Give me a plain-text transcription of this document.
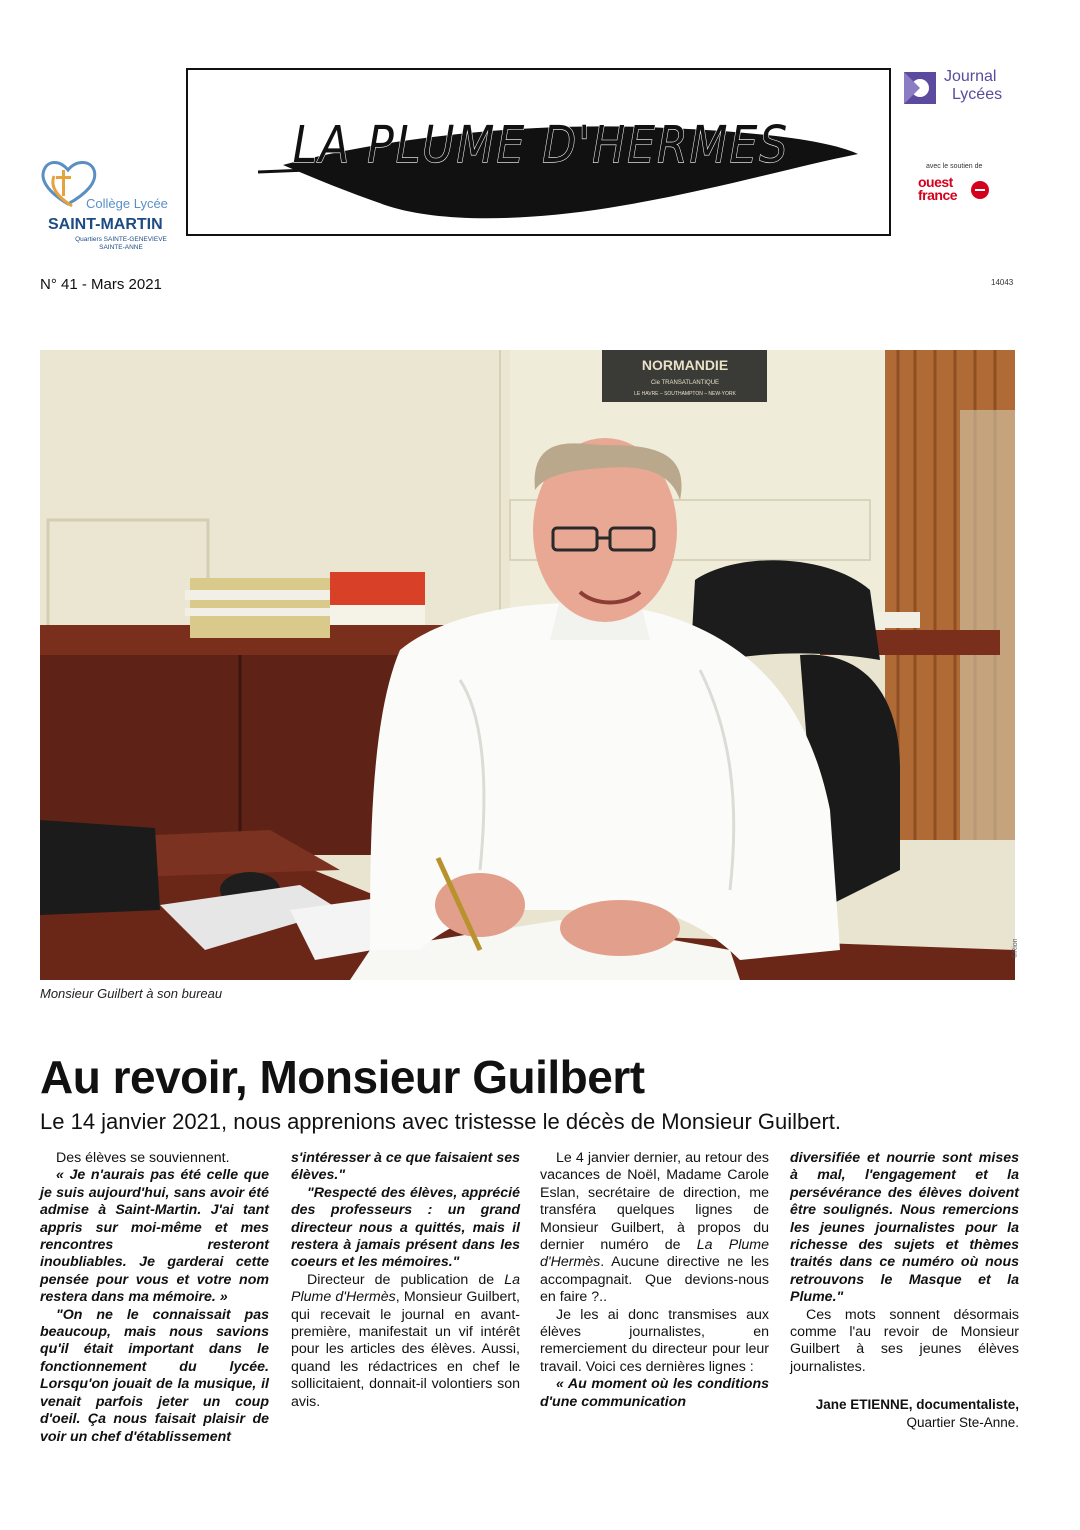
Collège Lycée
SAINT-MARTIN
Quartiers SAINTE-GENEVIEVE SAINTE-ANNE
LA PLUME D'HERMES
Journal
Lycées
avec le soutien de
ouest
france
N° 41 - Mars 2021	14043
NORMANDIE
Cie TRANSATLANTIQUE
LE HAVRE – SOUTHAMPTON – NEW-YORK
Monsieur Guilbert à son bureau
©Rion
Au revoir, Monsieur Guilbert
Le 14 janvier 2021, nous apprenions avec tristesse le décès de Monsieur Guilbert.

Des élèves se souviennent.

« Je n'aurais pas été celle que je suis aujourd'hui, sans avoir été admise à Saint-Martin. J'ai tant appris sur moi-même et mes rencontres resteront inoubliables. Je garderai cette pensée pour vous et votre nom restera dans ma mémoire. »

"On ne le connaissait pas beaucoup, mais nous savions qu'il était important dans le fonctionnement du lycée. Lorsqu'on jouait de la musique, il venait parfois jeter un coup d'oeil. Ça nous faisait plaisir de voir un chef d'établissement

s'intéresser à ce que faisaient ses élèves."

"Respecté des élèves, apprécié des professeurs : un grand directeur nous a quittés, mais il restera à jamais présent dans les coeurs et les mémoires."

Directeur de publication de La Plume d'Hermès, Monsieur Guilbert, qui recevait le journal en avant-première, manifestait un vif intérêt pour les articles des élèves. Aussi, quand les rédactrices en chef le sollicitaient, donnait-il volontiers son avis.

Le 4 janvier dernier, au retour des vacances de Noël, Madame Carole Eslan, secrétaire de direction, me transféra quelques lignes de Monsieur Guilbert, à propos du dernier numéro de La Plume d'Hermès. Aucune directive ne les accompagnait. Que devions-nous en faire ?..

Je les ai donc transmises aux élèves journalistes, en remerciement du directeur pour leur travail. Voici ces dernières lignes :

« Au moment où les conditions d'une communication

diversifiée et nourrie sont mises à mal, l'engagement et la persévérance des élèves doivent être soulignés. Nous remercions les jeunes journalistes pour la richesse des sujets et thèmes traités dans ce numéro où nous retrouvons le Masque et la Plume."

Ces mots sonnent désormais comme l'au revoir de Monsieur Guilbert à ses jeunes élèves journalistes.

Jane ETIENNE, documentaliste,

Quartier Ste-Anne.
